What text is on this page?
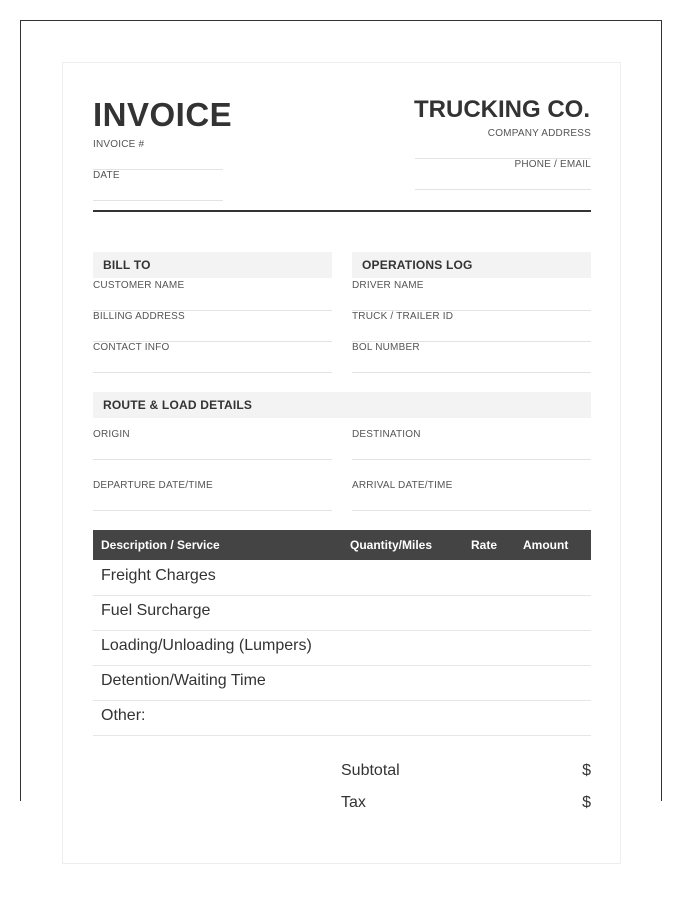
INVOICE
INVOICE #
DATE
TRUCKING CO.
COMPANY ADDRESS
PHONE / EMAIL
BILL TO
CUSTOMER NAME
BILLING ADDRESS
CONTACT INFO
OPERATIONS LOG
DRIVER NAME
TRUCK / TRAILER ID
BOL NUMBER
ROUTE & LOAD DETAILS
ORIGIN	DESTINATION
DEPARTURE DATE/TIME	ARRIVAL DATE/TIME
Description / Service	Quantity/Miles	Rate Amount
Freight Charges
Fuel Surcharge
Loading/Unloading (Lumpers)
Detention/Waiting Time
Other:
Subtotal	$
Tax	$
